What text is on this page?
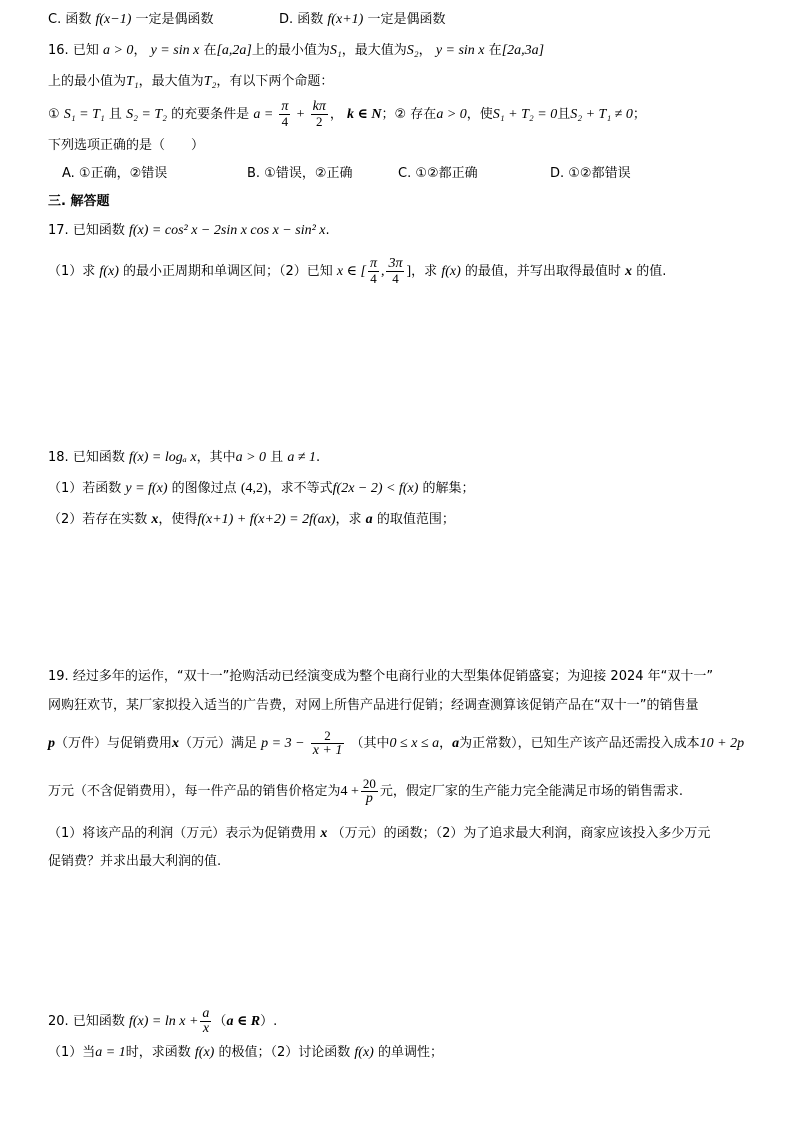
C. 函数 f(x−1) 一定是偶函数	D. 函数 f(x+1) 一定是偶函数
16. 已知 a > 0， y = sin x 在[a,2a]上的最小值为S₁，最大值为S₂， y = sin x 在[2a,3a]
上的最小值为T₁，最大值为T₂，有以下两个命题：
① S₁ = T₁ 且 S₂ = T₂ 的充要条件是 $a = \frac{\pi}{4} + \frac{k\pi}{2}$ ， k ∈ N；② 存在a > 0，使S₁ + T₂ = 0且S₂ + T₁ ≠ 0；
下列选项正确的是（　　）
A. ①正确，②错误	B. ①错误，②正确	C. ①②都正确	D. ①②都错误
三. 解答题
17. 已知函数 f(x) = cos² x − 2sin x cos x − sin² x.
（1）求 f(x) 的最小正周期和单调区间；（2）已知 x ∈ [ $\frac{\pi}{4}$ , $\frac{3\pi}{4}$ ]，求 f(x) 的最值，并写出取得最值时 x 的值.
18. 已知函数 f(x) = logₐ x，其中a > 0 且 a ≠ 1.
（1）若函数 y = f(x) 的图像过点 (4,2)，求不等式f(2x − 2) < f(x) 的解集；
（2）若存在实数 x，使得f(x+1) + f(x+2) = 2f(ax)，求 a 的取值范围；
19. 经过多年的运作，“双十一”抢购活动已经演变成为整个电商行业的大型集体促销盛宴；为迎接 2024 年“双十一”
网购狂欢节，某厂家拟投入适当的广告费，对网上所售产品进行促销；经调查测算该促销产品在“双十一”的销售量
p（万件）与促销费用x（万元）满足 $p = 3 - \frac{2}{x + 1}$ （其中0 ≤ x ≤ a，a为正常数），已知生产该产品还需投入成本10 + 2p
万元（不含促销费用），每一件产品的销售价格定为$4 + \frac{20}{p}$ 元，假定厂家的生产能力完全能满足市场的销售需求.
（1）将该产品的利润（万元）表示为促销费用 x （万元）的函数；（2）为了追求最大利润，商家应该投入多少万元
促销费？并求出最大利润的值.
20. 已知函数 $f(x) = \ln x + \frac{a}{x} (a$ ∈ R）.
（1）当a = 1时，求函数 f(x) 的极值；（2）讨论函数 f(x) 的单调性；
